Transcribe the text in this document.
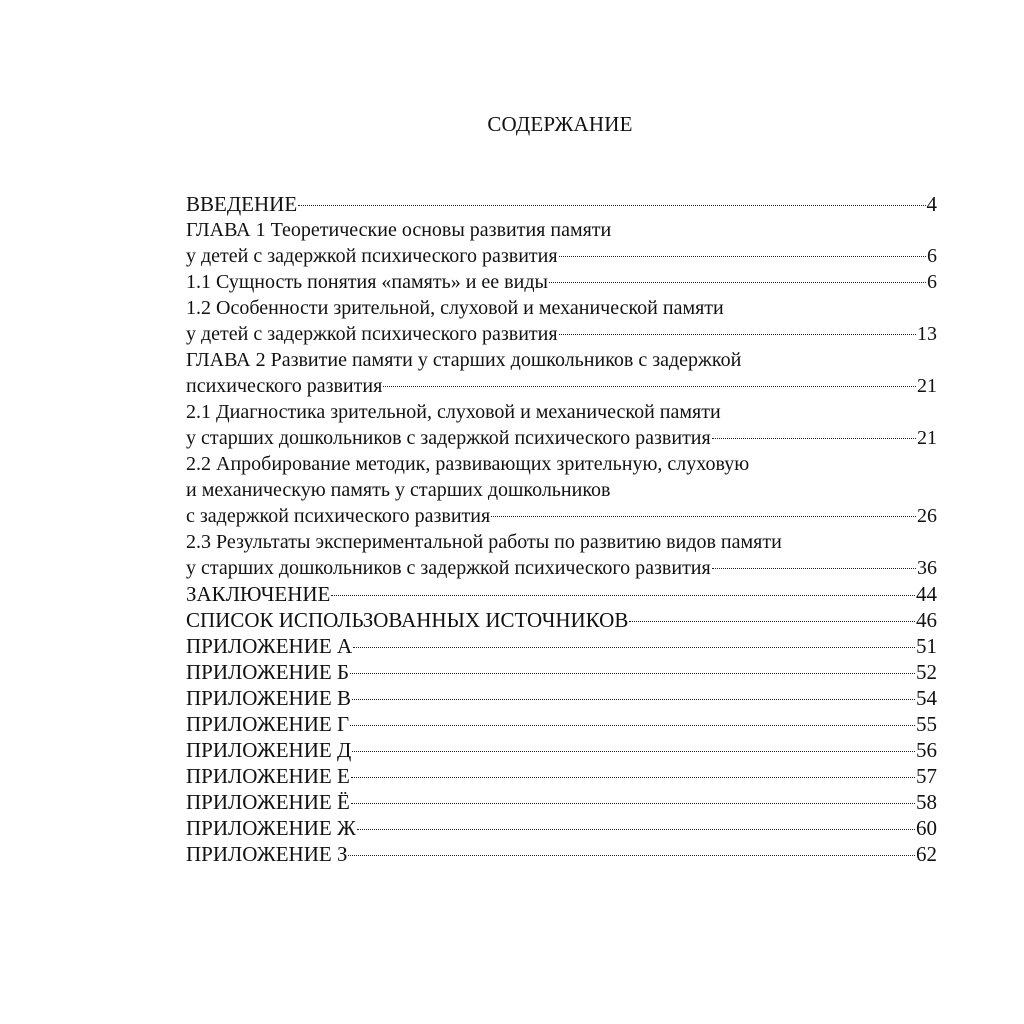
СОДЕРЖАНИЕ
ВВЕДЕНИЕ	4
ГЛАВА 1 Теоретические основы развития памяти
у детей с задержкой психического развития	6
1.1 Сущность понятия «память» и ее виды	6
1.2 Особенности зрительной, слуховой и механической памяти
у детей с задержкой психического развития	13
ГЛАВА 2 Развитие памяти у старших дошкольников с задержкой
психического развития	21
2.1 Диагностика зрительной, слуховой и механической памяти
у старших дошкольников с задержкой психического развития	21
2.2 Апробирование методик, развивающих зрительную, слуховую
и механическую память у старших дошкольников
с задержкой психического развития	26
2.3 Результаты экспериментальной работы по развитию видов памяти
у старших дошкольников с задержкой психического развития	36
ЗАКЛЮЧЕНИЕ	44
СПИСОК ИСПОЛЬЗОВАННЫХ ИСТОЧНИКОВ	46
ПРИЛОЖЕНИЕ А	51
ПРИЛОЖЕНИЕ Б	52
ПРИЛОЖЕНИЕ В	54
ПРИЛОЖЕНИЕ Г	55
ПРИЛОЖЕНИЕ Д	56
ПРИЛОЖЕНИЕ Е	57
ПРИЛОЖЕНИЕ Ё	58
ПРИЛОЖЕНИЕ Ж	60
ПРИЛОЖЕНИЕ З	62
